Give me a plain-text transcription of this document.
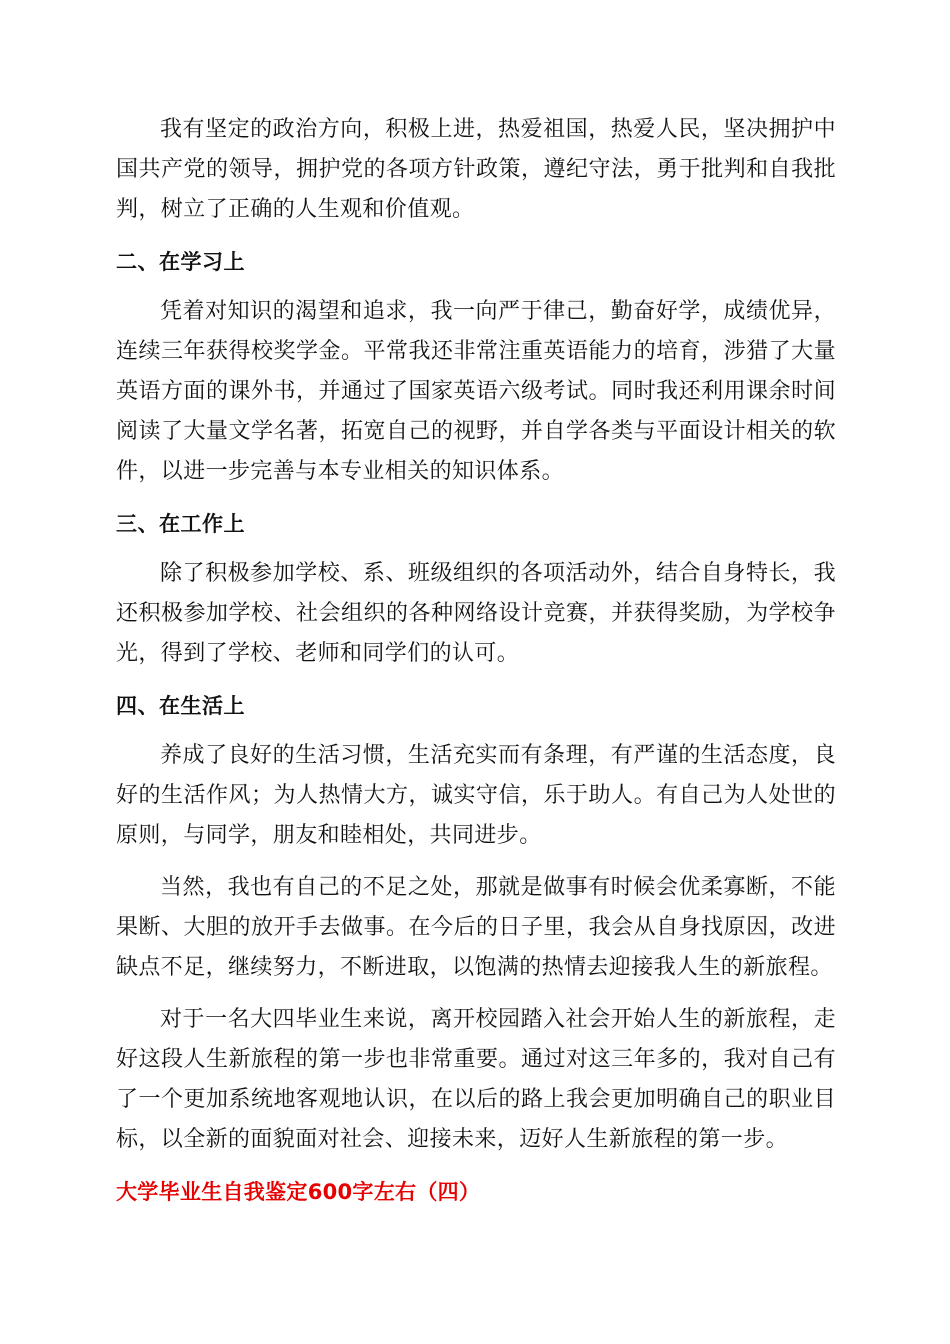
我有坚定的政治方向，积极上进，热爱祖国，热爱人民，坚决拥护中国共产党的领导，拥护党的各项方针政策，遵纪守法，勇于批判和自我批判，树立了正确的人生观和价值观。

二、在学习上

凭着对知识的渴望和追求，我一向严于律己，勤奋好学，成绩优异，连续三年获得校奖学金。平常我还非常注重英语能力的培育，涉猎了大量英语方面的课外书，并通过了国家英语六级考试。同时我还利用课余时间阅读了大量文学名著，拓宽自己的视野，并自学各类与平面设计相关的软件，以进一步完善与本专业相关的知识体系。

三、在工作上

除了积极参加学校、系、班级组织的各项活动外，结合自身特长，我还积极参加学校、社会组织的各种网络设计竞赛，并获得奖励，为学校争光，得到了学校、老师和同学们的认可。

四、在生活上

养成了良好的生活习惯，生活充实而有条理，有严谨的生活态度，良好的生活作风；为人热情大方，诚实守信，乐于助人。有自己为人处世的原则，与同学，朋友和睦相处，共同进步。

当然，我也有自己的不足之处，那就是做事有时候会优柔寡断，不能果断、大胆的放开手去做事。在今后的日子里，我会从自身找原因，改进缺点不足，继续努力，不断进取，以饱满的热情去迎接我人生的新旅程。

对于一名大四毕业生来说，离开校园踏入社会开始人生的新旅程，走好这段人生新旅程的第一步也非常重要。通过对这三年多的，我对自己有了一个更加系统地客观地认识，在以后的路上我会更加明确自己的职业目标，以全新的面貌面对社会、迎接未来，迈好人生新旅程的第一步。

大学毕业生自我鉴定600字左右（四）
